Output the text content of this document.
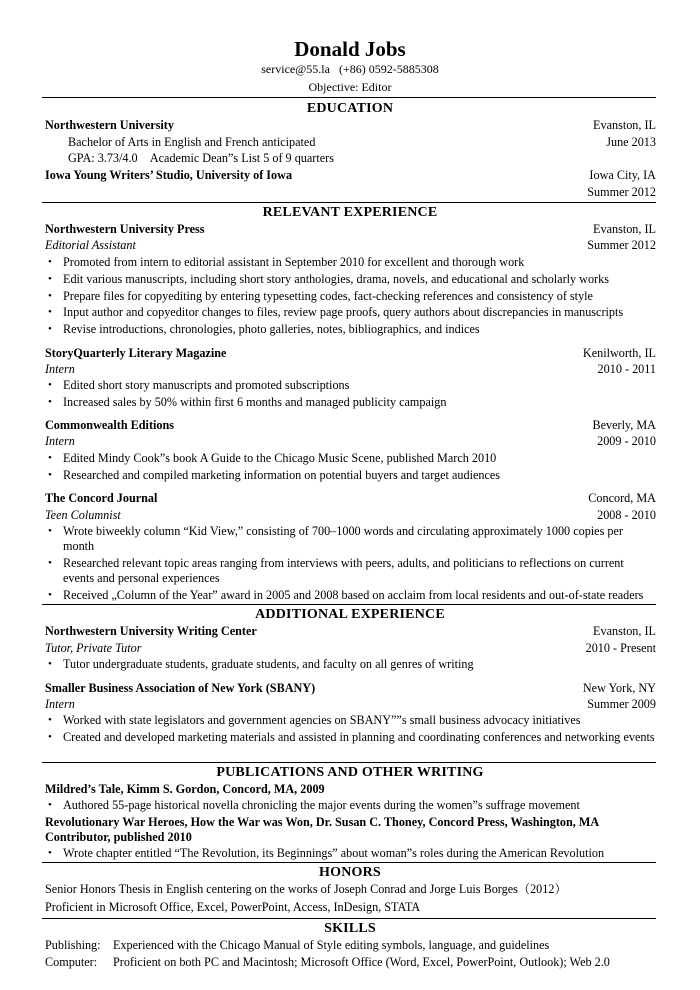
Donald Jobs
service@55.la (+86) 0592-5885308
Objective: Editor
EDUCATION
Northwestern University	Evanston, IL
Bachelor of Arts in English and French anticipated	June 2013
GPA: 3.73/4.0 Academic Dean”s List 5 of 9 quarters
Iowa Young Writers’ Studio, University of Iowa	Iowa City, IA
Summer 2012
RELEVANT EXPERIENCE
Northwestern University Press	Evanston, IL
Editorial Assistant	Summer 2012
• Promoted from intern to editorial assistant in September 2010 for excellent and thorough work
• Edit various manuscripts, including short story anthologies, drama, novels, and educational and scholarly works
• Prepare files for copyediting by entering typesetting codes, fact-checking references and consistency of style
• Input author and copyeditor changes to files, review page proofs, query authors about discrepancies in manuscripts
• Revise introductions, chronologies, photo galleries, notes, bibliographics, and indices
StoryQuarterly Literary Magazine	Kenilworth, IL
Intern	2010 - 2011
• Edited short story manuscripts and promoted subscriptions
• Increased sales by 50% within first 6 months and managed publicity campaign
Commonwealth Editions	Beverly, MA
Intern	2009 - 2010
• Edited Mindy Cook”s book A Guide to the Chicago Music Scene, published March 2010
• Researched and compiled marketing information on potential buyers and target audiences
The Concord Journal	Concord, MA
Teen Columnist	2008 - 2010
• Wrote biweekly column “Kid View,” consisting of 700–1000 words and circulating approximately 1000 copies per month
• Researched relevant topic areas ranging from interviews with peers, adults, and politicians to reflections on current events and personal experiences
• Received „Column of the Year” award in 2005 and 2008 based on acclaim from local residents and out-of-state readers
ADDITIONAL EXPERIENCE
Northwestern University Writing Center	Evanston, IL
Tutor, Private Tutor	2010 - Present
• Tutor undergraduate students, graduate students, and faculty on all genres of writing
Smaller Business Association of New York (SBANY)	New York, NY
Intern	Summer 2009
• Worked with state legislators and government agencies on SBANY””s small business advocacy initiatives
• Created and developed marketing materials and assisted in planning and coordinating conferences and networking events
PUBLICATIONS AND OTHER WRITING
Mildred’s Tale, Kimm S. Gordon, Concord, MA, 2009
• Authored 55-page historical novella chronicling the major events during the women”s suffrage movement
Revolutionary War Heroes, How the War was Won, Dr. Susan C. Thoney, Concord Press, Washington, MA Contributor, published 2010
• Wrote chapter entitled “The Revolution, its Beginnings” about woman”s roles during the American Revolution
HONORS
Senior Honors Thesis in English centering on the works of Joseph Conrad and Jorge Luis Borges（2012）
Proficient in Microsoft Office, Excel, PowerPoint, Access, InDesign, STATA
SKILLS
Publishing: Experienced with the Chicago Manual of Style editing symbols, language, and guidelines
Computer: Proficient on both PC and Macintosh; Microsoft Office (Word, Excel, PowerPoint, Outlook); Web 2.0
